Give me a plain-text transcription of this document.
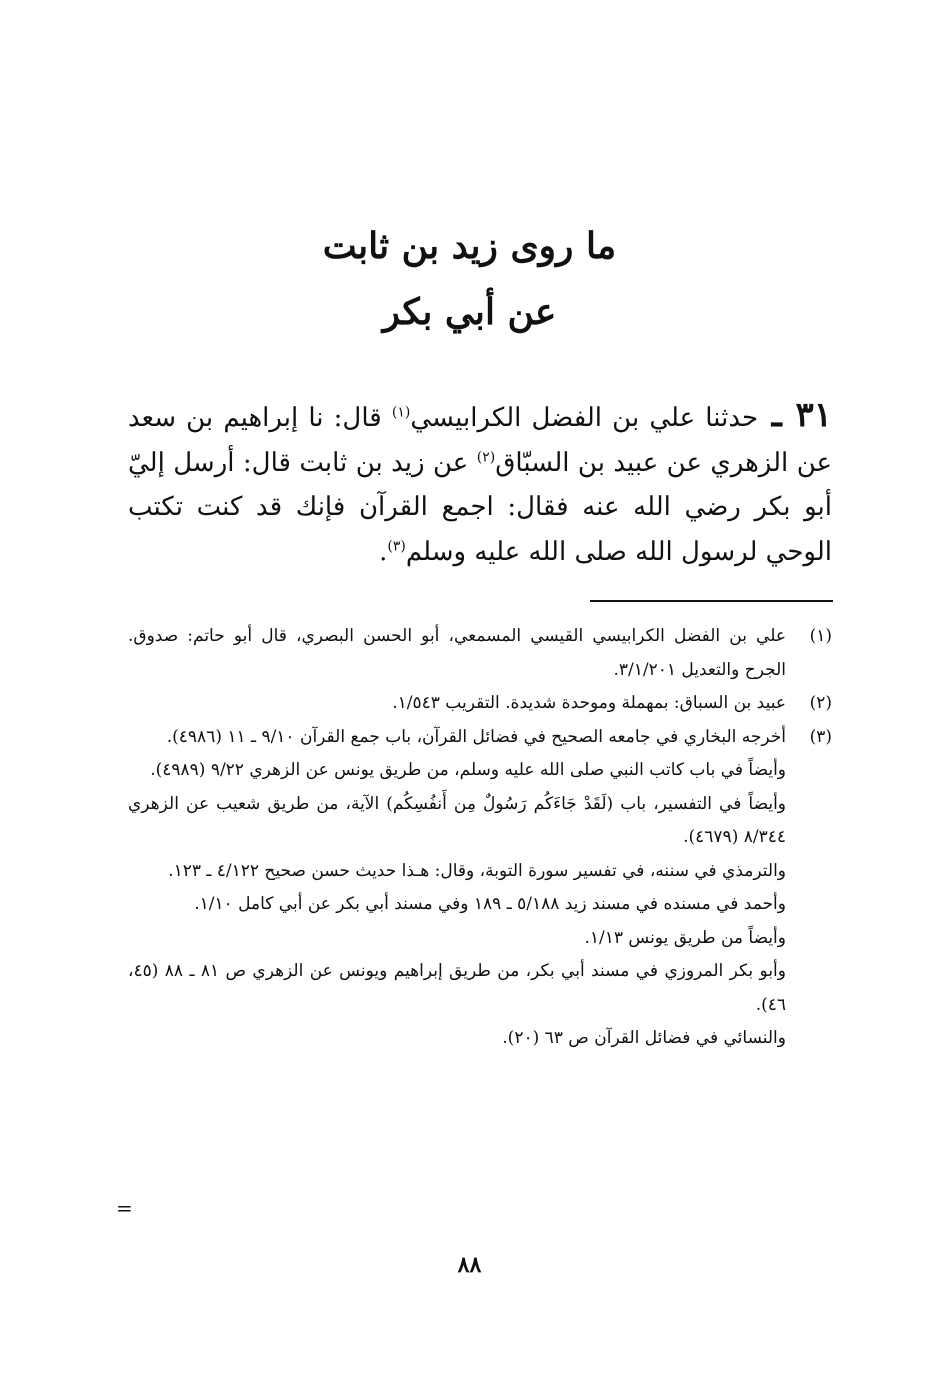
ما روى زيد بن ثابت
عن أبي بكر
٣١ ـ حدثنا علي بن الفضل الكرابيسي$^{(١)}$ قال: نا إبراهيم بن سعد عن الزهري عن عبيد بن السبّاق$^{(٢)}$ عن زيد بن ثابت قال: أرسل إليّ أبو بكر رضي الله عنه فقال: اجمع القرآن فإنك قد كنت تكتب الوحي لرسول الله صلى الله عليه وسلم$^{(٣)}$.

(١)
علي بن الفضل الكرابيسي القيسي المسمعي، أبو الحسن البصري، قال أبو حاتم: صدوق. الجرح والتعديل ٣/١/٢٠١.

(٢)
عبيد بن السباق: بمهملة وموحدة شديدة. التقريب ١/٥٤٣.

(٣)
أخرجه البخاري في جامعه الصحيح في فضائل القرآن، باب جمع القرآن ٩/١٠ ـ ١١ (٤٩٨٦).

وأيضاً في باب كاتب النبي صلى الله عليه وسلم، من طريق يونس عن الزهري ٩/٢٢ (٤٩٨٩).

وأيضاً في التفسير، باب (لَقَدْ جَاءَكُم رَسُولٌ مِن أَنفُسِكُم) الآية، من طريق شعيب عن الزهري ٨/٣٤٤ (٤٦٧٩).

والترمذي في سننه، في تفسير سورة التوبة، وقال: هـذا حديث حسن صحيح ٤/١٢٢ ـ ١٢٣.

وأحمد في مسنده في مسند زيد ٥/١٨٨ ـ ١٨٩ وفي مسند أبي بكر عن أبي كامل ١/١٠.

وأيضاً من طريق يونس ١/١٣.

وأبو بكر المروزي في مسند أبي بكر، من طريق إبراهيم ويونس عن الزهري ص ٨١ ـ ٨٨ (٤٥، ٤٦).

والنسائي في فضائل القرآن ص ٦٣ (٢٠).

=
٨٨
